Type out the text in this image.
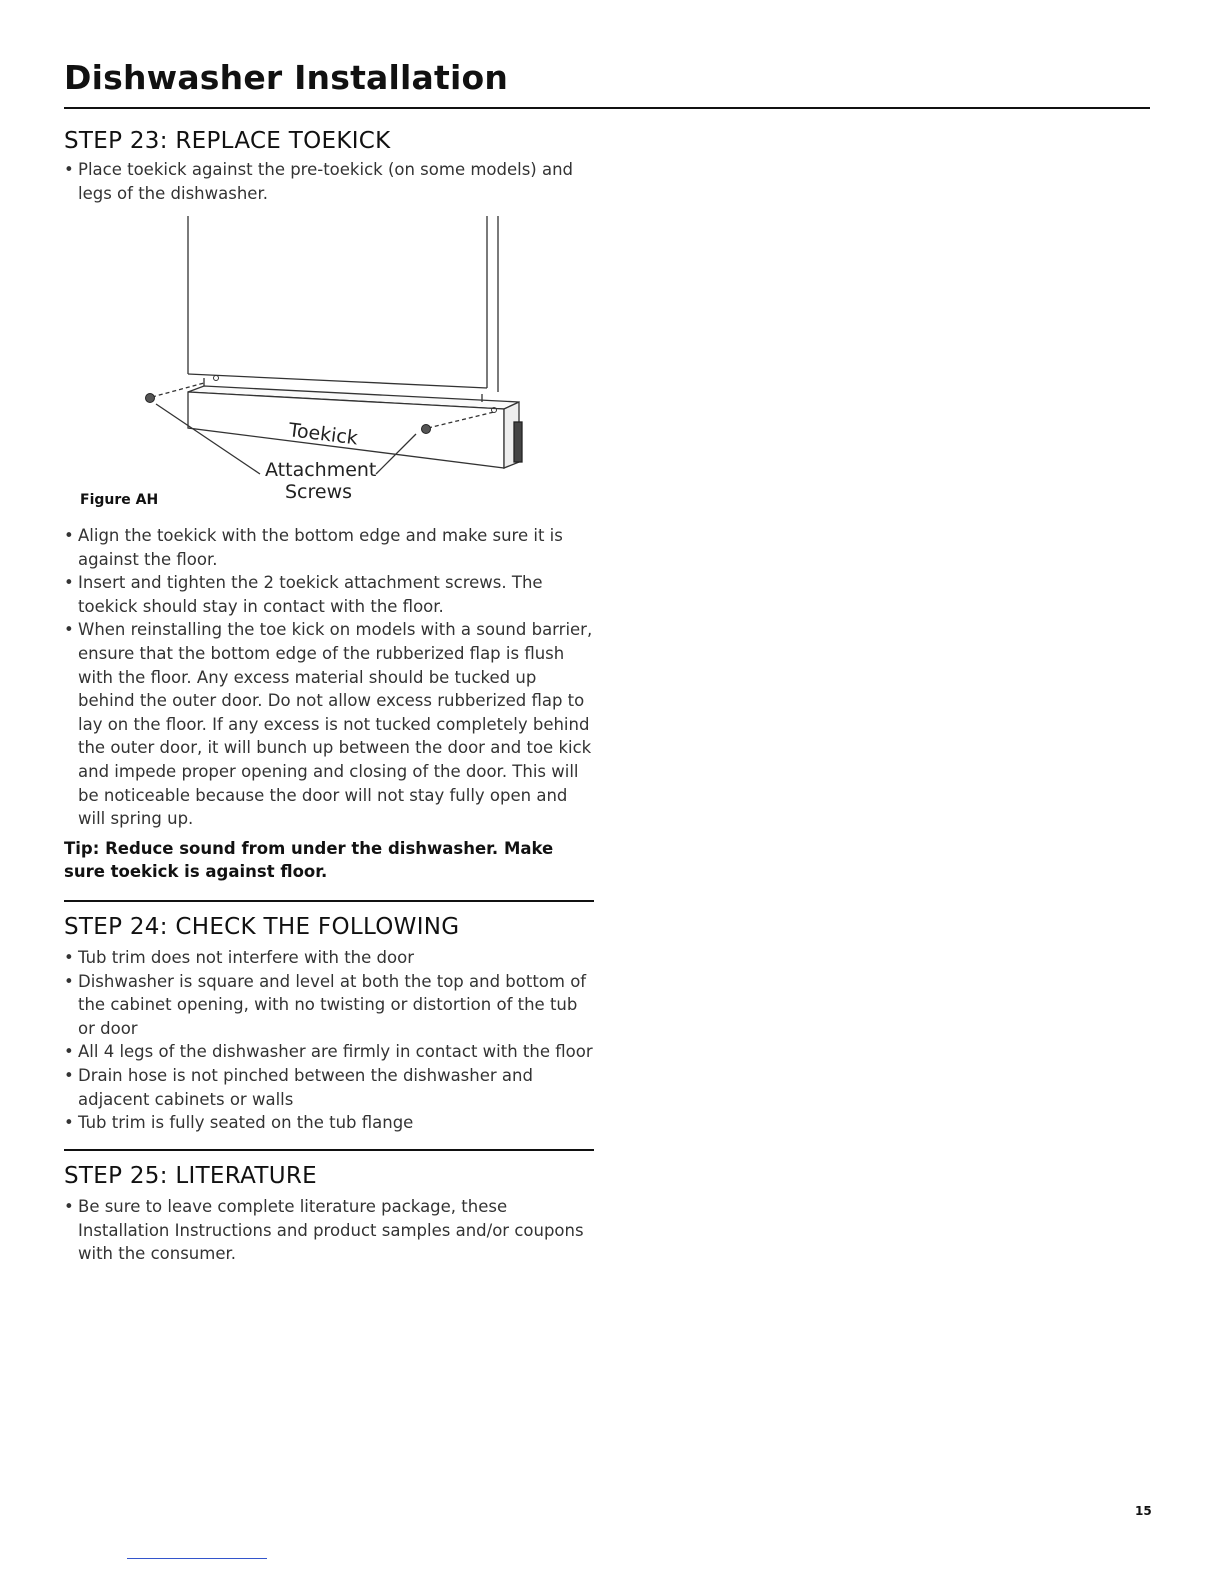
Dishwasher Installation
STEP 23: REPLACE TOEKICK
• Place toekick against the pre-toekick (on some models) and legs of the dishwasher.
Toekick
Attachment
Screws
Figure AH
• Align the toekick with the bottom edge and make sure it is against the floor.
• Insert and tighten the 2 toekick attachment screws. The toekick should stay in contact with the floor.
• When reinstalling the toe kick on models with a sound barrier, ensure that the bottom edge of the rubberized flap is flush with the floor. Any excess material should be tucked up behind the outer door. Do not allow excess rubberized flap to lay on the floor. If any excess is not tucked completely behind the outer door, it will bunch up between the door and toe kick and impede proper opening and closing of the door. This will be noticeable because the door will not stay fully open and will spring up.

Tip: Reduce sound from under the dishwasher. Make sure toekick is against floor.

STEP 24: CHECK THE FOLLOWING
• Tub trim does not interfere with the door
• Dishwasher is square and level at both the top and bottom of the cabinet opening, with no twisting or distortion of the tub or door
• All 4 legs of the dishwasher are firmly in contact with the floor
• Drain hose is not pinched between the dishwasher and adjacent cabinets or walls
• Tub trim is fully seated on the tub flange
STEP 25: LITERATURE
• Be sure to leave complete literature package, these Installation Instructions and product samples and/or coupons with the consumer.
15
